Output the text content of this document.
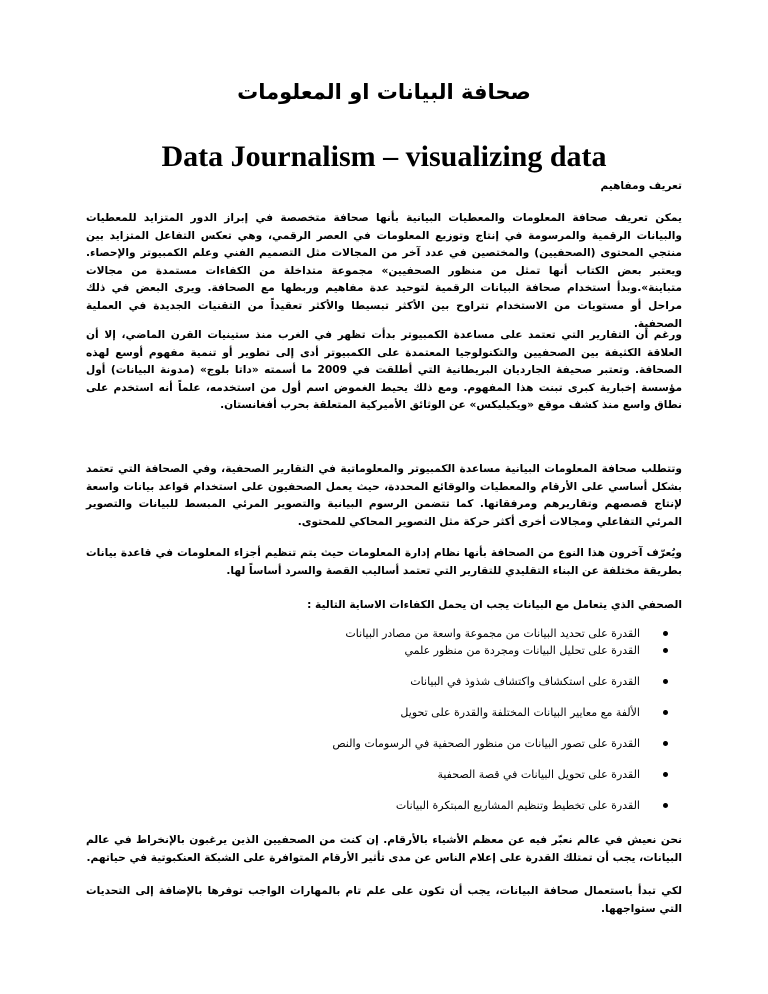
صحافة البيانات او المعلومات
Data Journalism – visualizing data
تعريف ومفاهيم
يمكن تعريف صحافة المعلومات والمعطيات البيانية بأنها صحافة متخصصة في إبراز الدور المتزايد للمعطيات والبيانات الرقمية والمرسومة في إنتاج وتوزيع المعلومات في العصر الرقمي، وهي تعكس التفاعل المتزايد بين منتجي المحتوى (الصحفيين) والمختصين في عدد آخر من المجالات مثل التصميم الفني وعلم الكمبيوتر والإحصاء. ويعتبر بعض الكتاب أنها تمثل من منظور الصحفيين» مجموعة متداخلة من الكفاءات مستمدة من مجالات متباينة».وبدأ استخدام صحافة البيانات الرقمية لتوحيد عدة مفاهيم وربطها مع الصحافة. ويرى البعض في ذلك مراحل أو مستويات من الاستخدام تتراوح بين الأكثر تبسيطا والأكثر تعقيداً من التقنيات الجديدة في العملية الصحفية.
ورغم أن التقارير التي تعتمد على مساعدة الكمبيوتر بدأت تظهر في الغرب منذ ستينيات القرن الماضي، إلا أن العلاقة الكثيفة بين الصحفيين والتكنولوجيا المعتمدة على الكمبيوتر أدى إلى تطوير أو تنمية مفهوم أوسع لهذه الصحافة. وتعتبر صحيفة الجارديان البريطانية التي أطلقت في 2009 ما أسمته «داتا بلوج» (مدونة البيانات) أول مؤسسة إخبارية كبرى تبنت هذا المفهوم. ومع ذلك يحيط الغموض اسم أول من استخدمه، علماً أنه استخدم على نطاق واسع منذ كشف موقع «ويكيليكس» عن الوثائق الأميركية المتعلقة بحرب أفغانستان.
وتتطلب صحافة المعلومات البيانية مساعدة الكمبيوتر والمعلوماتية في التقارير الصحفية، وفي الصحافة التي تعتمد بشكل أساسي على الأرقام والمعطيات والوقائع المحددة، حيث يعمل الصحفيون على استخدام قواعد بيانات واسعة لإنتاج قصصهم وتقاريرهم ومرفقاتها. كما تتضمن الرسوم البيانية والتصوير المرئي المبسط للبيانات والتصوير المرئي التفاعلي ومجالات أخرى أكثر حركة مثل التصوير المحاكي للمحتوى.
ويُعرّف آخرون هذا النوع من الصحافة بأنها نظام إدارة المعلومات حيث يتم تنظيم أجزاء المعلومات في قاعدة بيانات بطريقة مختلفة عن البناء التقليدي للتقارير التي تعتمد أساليب القصة والسرد أساساً لها.
الصحفي الذي يتعامل مع البيانات يجب ان يحمل الكفاءات الاساية التالية :
القدرة على تحديد البيانات من مجموعة واسعة من مصادر البيانات
القدرة على تحليل البيانات ومجردة من منظور علمي
القدرة على استكشاف واكتشاف شذوذ في البيانات
الألفة مع معايير البيانات المختلفة والقدرة على تحويل
القدرة على تصور البيانات من منظور الصحفية في الرسومات والنص
القدرة على تحويل البيانات في قصة الصحفية
القدرة على تخطيط وتنظيم المشاريع المبتكرة البيانات
نحن نعيش في عالم نعبّر فيه عن معظم الأشياء بالأرقام. إن كنت من الصحفيين الذين يرغبون بالإنخراط في عالم البيانات، يجب أن تمتلك القدرة على إعلام الناس عن مدى تأثير الأرقام المتوافرة على الشبكة العنكبوتية في حياتهم.
لكي تبدأ باستعمال صحافة البيانات، يجب أن تكون على علم تام بالمهارات الواجب توفرها بالإضافة إلى التحديات التي ستواجهها.
